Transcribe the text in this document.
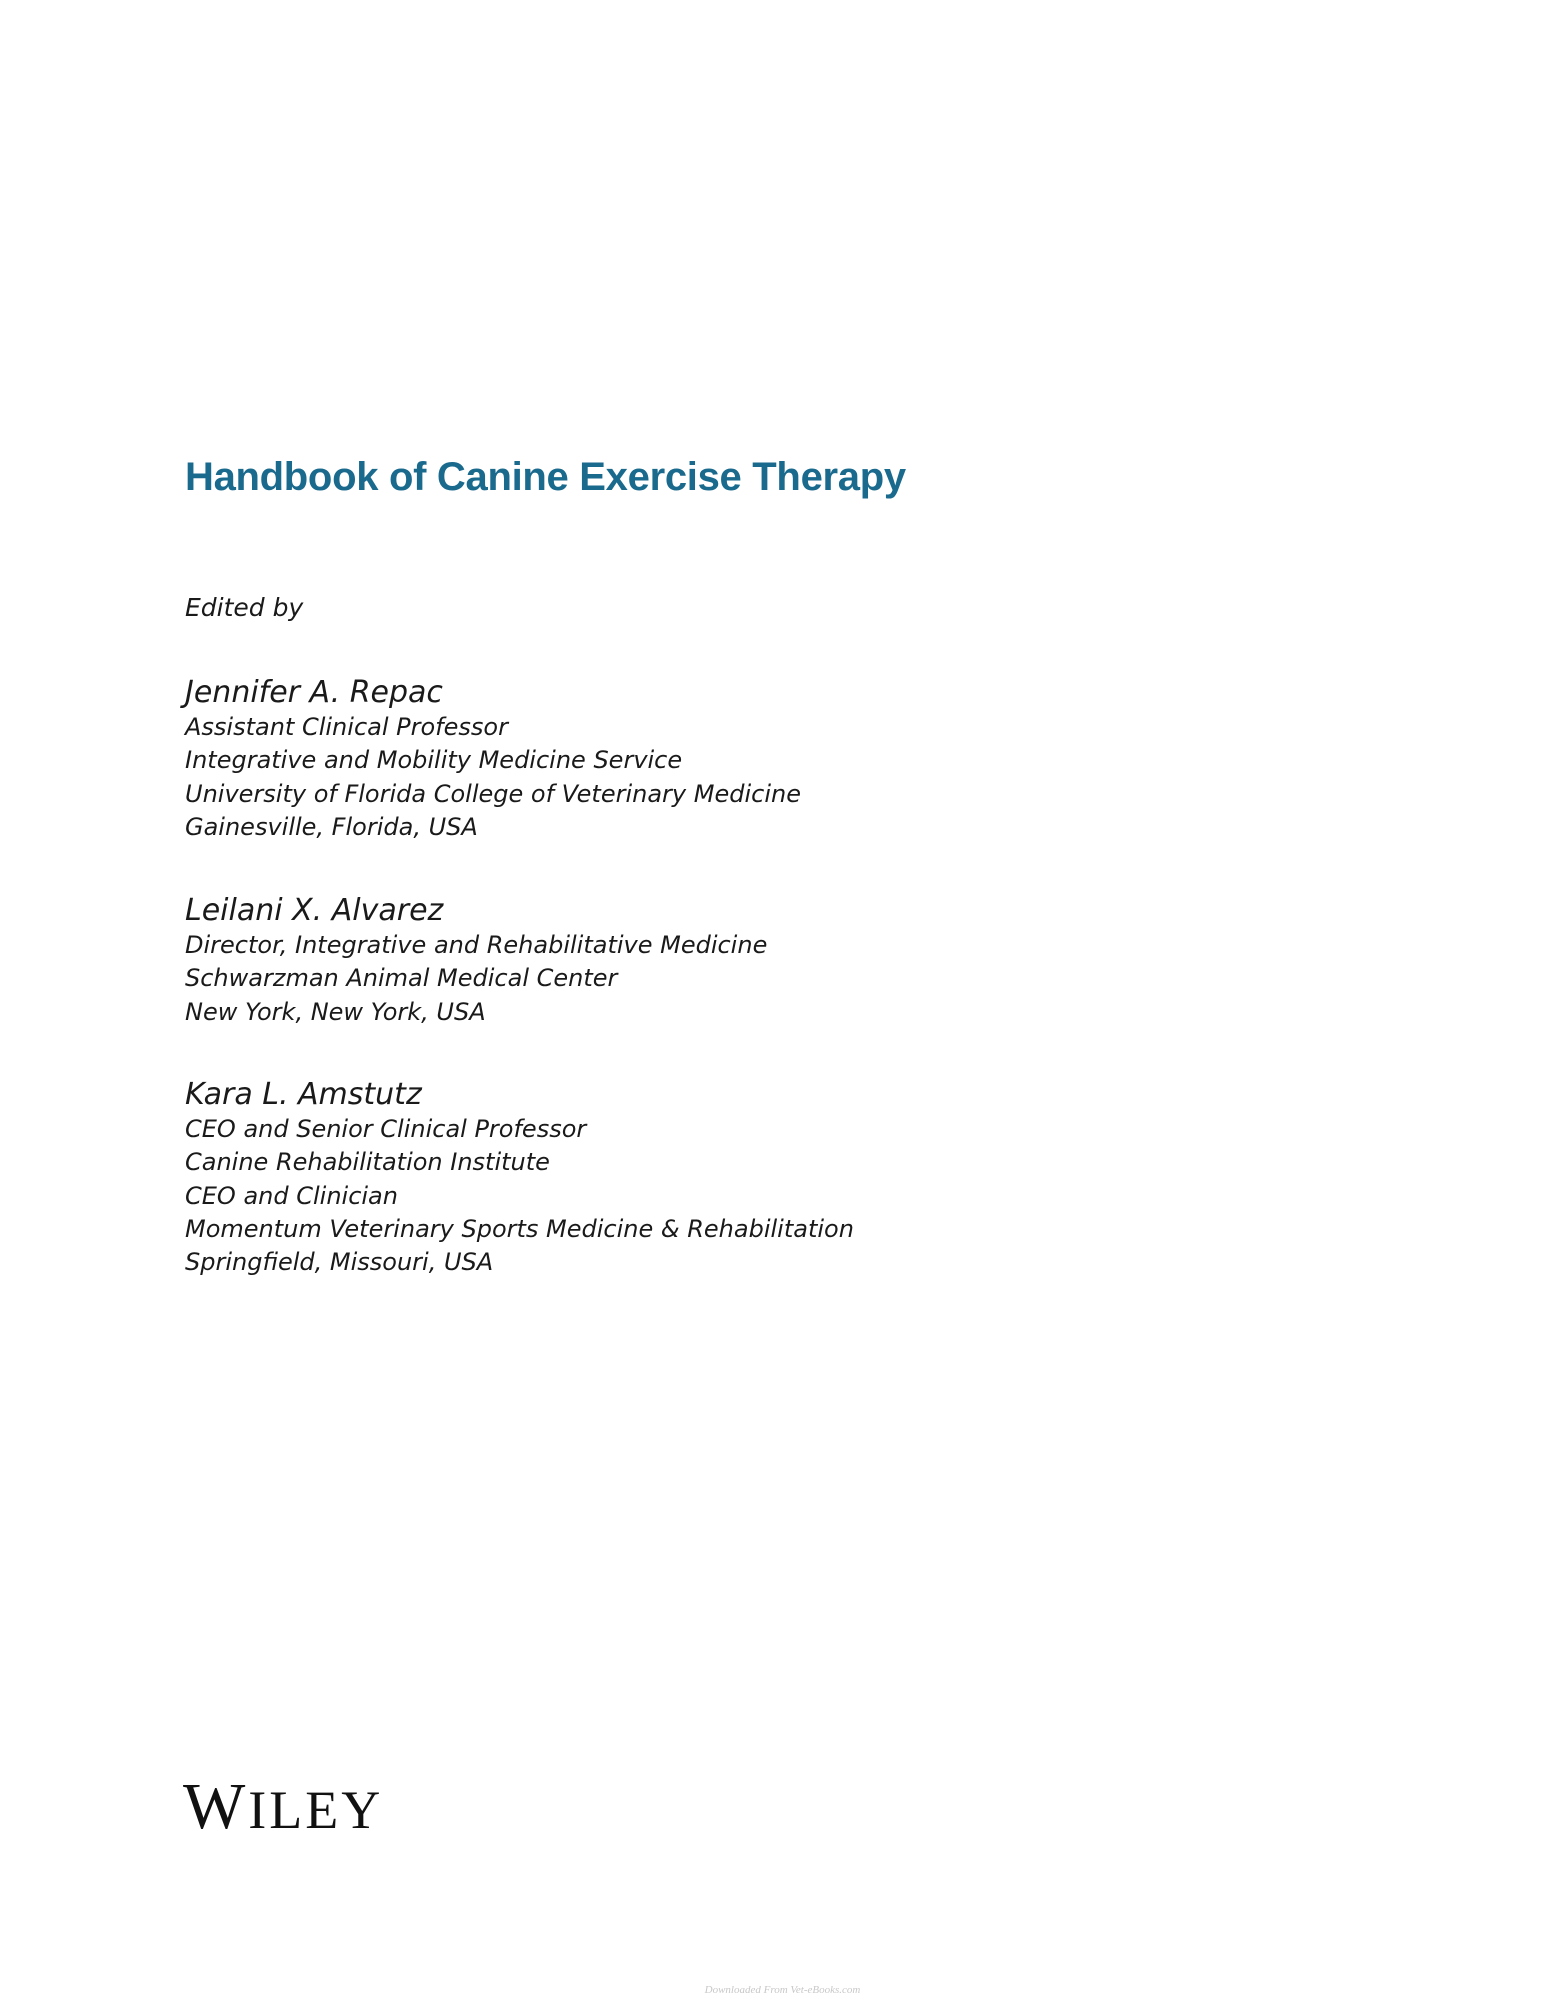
Handbook of Canine Exercise Therapy

Edited by

Jennifer A. Repac
Assistant Clinical Professor
Integrative and Mobility Medicine Service
University of Florida College of Veterinary Medicine
Gainesville, Florida, USA
Leilani X. Alvarez
Director, Integrative and Rehabilitative Medicine
Schwarzman Animal Medical Center
New York, New York, USA
Kara L. Amstutz
CEO and Senior Clinical Professor
Canine Rehabilitation Institute
CEO and Clinician
Momentum Veterinary Sports Medicine & Rehabilitation
Springfield, Missouri, USA
WILEY

Downloaded From Vet-eBooks.com
